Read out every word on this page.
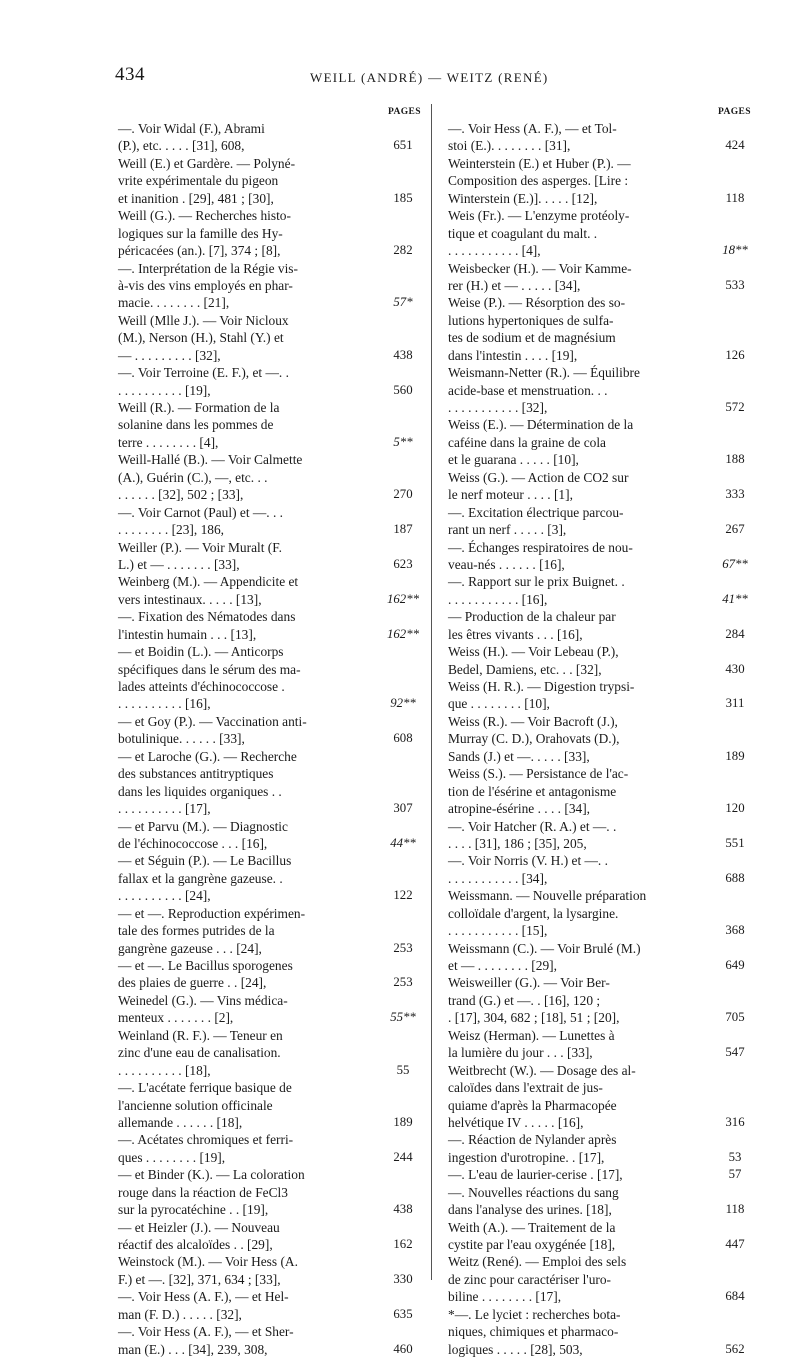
434	WEILL (ANDRÉ) — WEITZ (RENÉ)
PAGES	PAGES
—. Voir Widal (F.), Abrami
(P.), etc. . . . . [31], 608,	651
Weill (E.) et Gardère. — Polyné-
vrite expérimentale du pigeon
et inanition . [29], 481 ; [30],	185
Weill (G.). — Recherches histo-
logiques sur la famille des Hy-
péricacées (an.). [7], 374 ; [8],	282
—. Interprétation de la Régie vis-
à-vis des vins employés en phar-
macie. . . . . . . . [21],	57*
Weill (Mlle J.). — Voir Nicloux
(M.), Nerson (H.), Stahl (Y.) et
— . . . . . . . . . [32],	438
—. Voir Terroine (E. F.), et —. .
. . . . . . . . . . [19],	560
Weill (R.). — Formation de la
solanine dans les pommes de
terre . . . . . . . . [4],	5**
Weill-Hallé (B.). — Voir Calmette
(A.), Guérin (C.), —, etc. . .
. . . . . . [32], 502 ; [33],	270
—. Voir Carnot (Paul) et —. . .
. . . . . . . . [23], 186,	187
Weiller (P.). — Voir Muralt (F.
L.) et — . . . . . . . [33],	623
Weinberg (M.). — Appendicite et
vers intestinaux. . . . . [13],	162**
—. Fixation des Nématodes dans
l'intestin humain . . . [13],	162**
— et Boidin (L.). — Anticorps
spécifiques dans le sérum des ma-
lades atteints d'échinococcose .
. . . . . . . . . . [16],	92**
— et Goy (P.). — Vaccination anti-
botulinique. . . . . . [33],	608
— et Laroche (G.). — Recherche
des substances antitryptiques
dans les liquides organiques . .
. . . . . . . . . . [17],	307
— et Parvu (M.). — Diagnostic
de l'échinococcose . . . [16],	44**
— et Séguin (P.). — Le Bacillus
fallax et la gangrène gazeuse. .
. . . . . . . . . . [24],	122
— et —. Reproduction expérimen-
tale des formes putrides de la
gangrène gazeuse . . . [24],	253
— et —. Le Bacillus sporogenes
des plaies de guerre . . [24],	253
Weinedel (G.). — Vins médica-
menteux . . . . . . . [2],	55**
Weinland (R. F.). — Teneur en
zinc d'une eau de canalisation.
. . . . . . . . . . [18],	55
—. L'acétate ferrique basique de
l'ancienne solution officinale
allemande . . . . . . [18],	189
—. Acétates chromiques et ferri-
ques . . . . . . . . [19],	244
— et Binder (K.). — La coloration
rouge dans la réaction de FeCl3
sur la pyrocatéchine . . [19],	438
— et Heizler (J.). — Nouveau
réactif des alcaloïdes . . [29],	162
Weinstock (M.). — Voir Hess (A.
F.) et —. [32], 371, 634 ; [33],	330
—. Voir Hess (A. F.), — et Hel-
man (F. D.) . . . . . [32],	635
—. Voir Hess (A. F.), — et Sher-
man (E.) . . . [34], 239, 308,	460
—. Voir Hess (A. F.), — et Tol-
stoi (E.). . . . . . . . [31],	424
Weinterstein (E.) et Huber (P.). —
Composition des asperges. [Lire :
Winterstein (E.)]. . . . . [12],	118
Weis (Fr.). — L'enzyme protéoly-
tique et coagulant du malt. .
. . . . . . . . . . . [4],	18**
Weisbecker (H.). — Voir Kamme-
rer (H.) et — . . . . . [34],	533
Weise (P.). — Résorption des so-
lutions hypertoniques de sulfa-
tes de sodium et de magnésium
dans l'intestin . . . . [19],	126
Weismann-Netter (R.). — Équilibre
acide-base et menstruation. . .
. . . . . . . . . . . [32],	572
Weiss (E.). — Détermination de la
caféine dans la graine de cola
et le guarana . . . . . [10],	188
Weiss (G.). — Action de CO2 sur
le nerf moteur . . . . [1],	333
—. Excitation électrique parcou-
rant un nerf . . . . . [3],	267
—. Échanges respiratoires de nou-
veau-nés . . . . . . [16],	67**
—. Rapport sur le prix Buignet. .
. . . . . . . . . . . [16],	41**
— Production de la chaleur par
les êtres vivants . . . [16],	284
Weiss (H.). — Voir Lebeau (P.),
Bedel, Damiens, etc. . . [32],	430
Weiss (H. R.). — Digestion trypsi-
que . . . . . . . . [10],	311
Weiss (R.). — Voir Bacroft (J.),
Murray (C. D.), Orahovats (D.),
Sands (J.) et —. . . . . [33],	189
Weiss (S.). — Persistance de l'ac-
tion de l'ésérine et antagonisme
atropine-ésérine . . . . [34],	120
—. Voir Hatcher (R. A.) et —. .
. . . . [31], 186 ; [35], 205,	551
—. Voir Norris (V. H.) et —. .
. . . . . . . . . . . [34],	688
Weissmann. — Nouvelle préparation
colloïdale d'argent, la lysargine.
. . . . . . . . . . . [15],	368
Weissmann (C.). — Voir Brulé (M.)
et — . . . . . . . . [29],	649
Weisweiller (G.). — Voir Ber-
trand (G.) et —. . [16], 120 ;
. [17], 304, 682 ; [18], 51 ; [20],	705
Weisz (Herman). — Lunettes à
la lumière du jour . . . [33],	547
Weitbrecht (W.). — Dosage des al-
caloïdes dans l'extrait de jus-
quiame d'après la Pharmacopée
helvétique IV . . . . . [16],	316
—. Réaction de Nylander après
ingestion d'urotropine. . [17],	53
—. L'eau de laurier-cerise . [17],	57
—. Nouvelles réactions du sang
dans l'analyse des urines. [18],	118
Weith (A.). — Traitement de la
cystite par l'eau oxygénée [18],	447
Weitz (René). — Emploi des sels
de zinc pour caractériser l'uro-
biline . . . . . . . . [17],	684
*—. Le lyciet : recherches bota-
niques, chimiques et pharmaco-
logiques . . . . . [28], 503,	562
